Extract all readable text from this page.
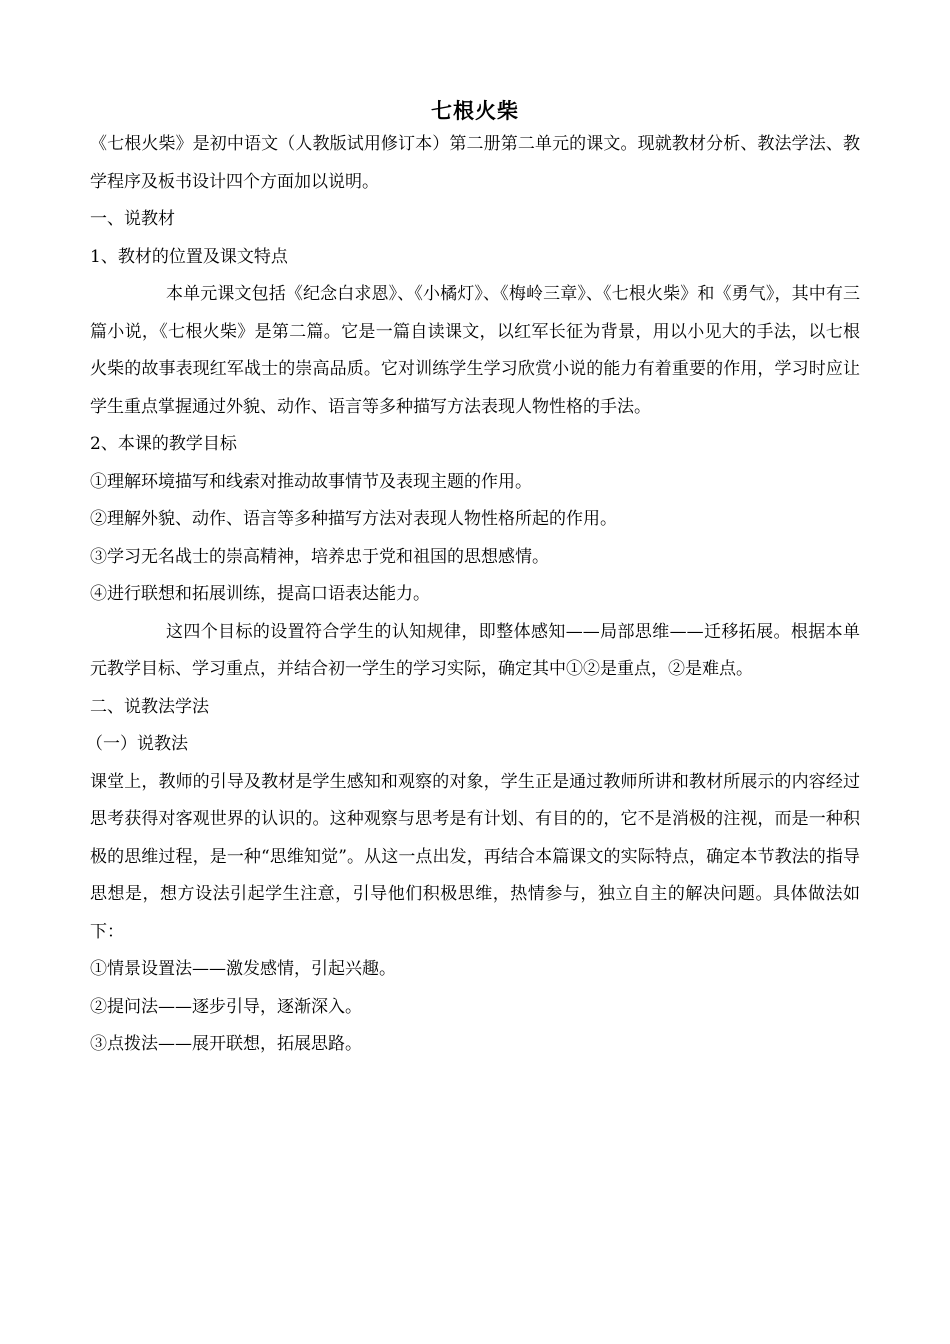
七根火柴

《七根火柴》是初中语文（人教版试用修订本）第二册第二单元的课文。现就教材分析、教法学法、教学程序及板书设计四个方面加以说明。

一、说教材

1、教材的位置及课文特点

本单元课文包括《纪念白求恩》、《小橘灯》、《梅岭三章》、《七根火柴》和《勇气》，其中有三篇小说，《七根火柴》是第二篇。它是一篇自读课文，以红军长征为背景，用以小见大的手法，以七根火柴的故事表现红军战士的崇高品质。它对训练学生学习欣赏小说的能力有着重要的作用，学习时应让学生重点掌握通过外貌、动作、语言等多种描写方法表现人物性格的手法。

2、本课的教学目标

①理解环境描写和线索对推动故事情节及表现主题的作用。

②理解外貌、动作、语言等多种描写方法对表现人物性格所起的作用。

③学习无名战士的崇高精神，培养忠于党和祖国的思想感情。

④进行联想和拓展训练，提高口语表达能力。

这四个目标的设置符合学生的认知规律，即整体感知——局部思维——迁移拓展。根据本单元教学目标、学习重点，并结合初一学生的学习实际，确定其中①②是重点，②是难点。

二、说教法学法

（一）说教法

课堂上，教师的引导及教材是学生感知和观察的对象，学生正是通过教师所讲和教材所展示的内容经过思考获得对客观世界的认识的。这种观察与思考是有计划、有目的的，它不是消极的注视，而是一种积极的思维过程，是一种“思维知觉”。从这一点出发，再结合本篇课文的实际特点，确定本节教法的指导思想是，想方设法引起学生注意，引导他们积极思维，热情参与，独立自主的解决问题。具体做法如下：

①情景设置法——激发感情，引起兴趣。

②提问法——逐步引导，逐渐深入。

③点拨法——展开联想，拓展思路。
